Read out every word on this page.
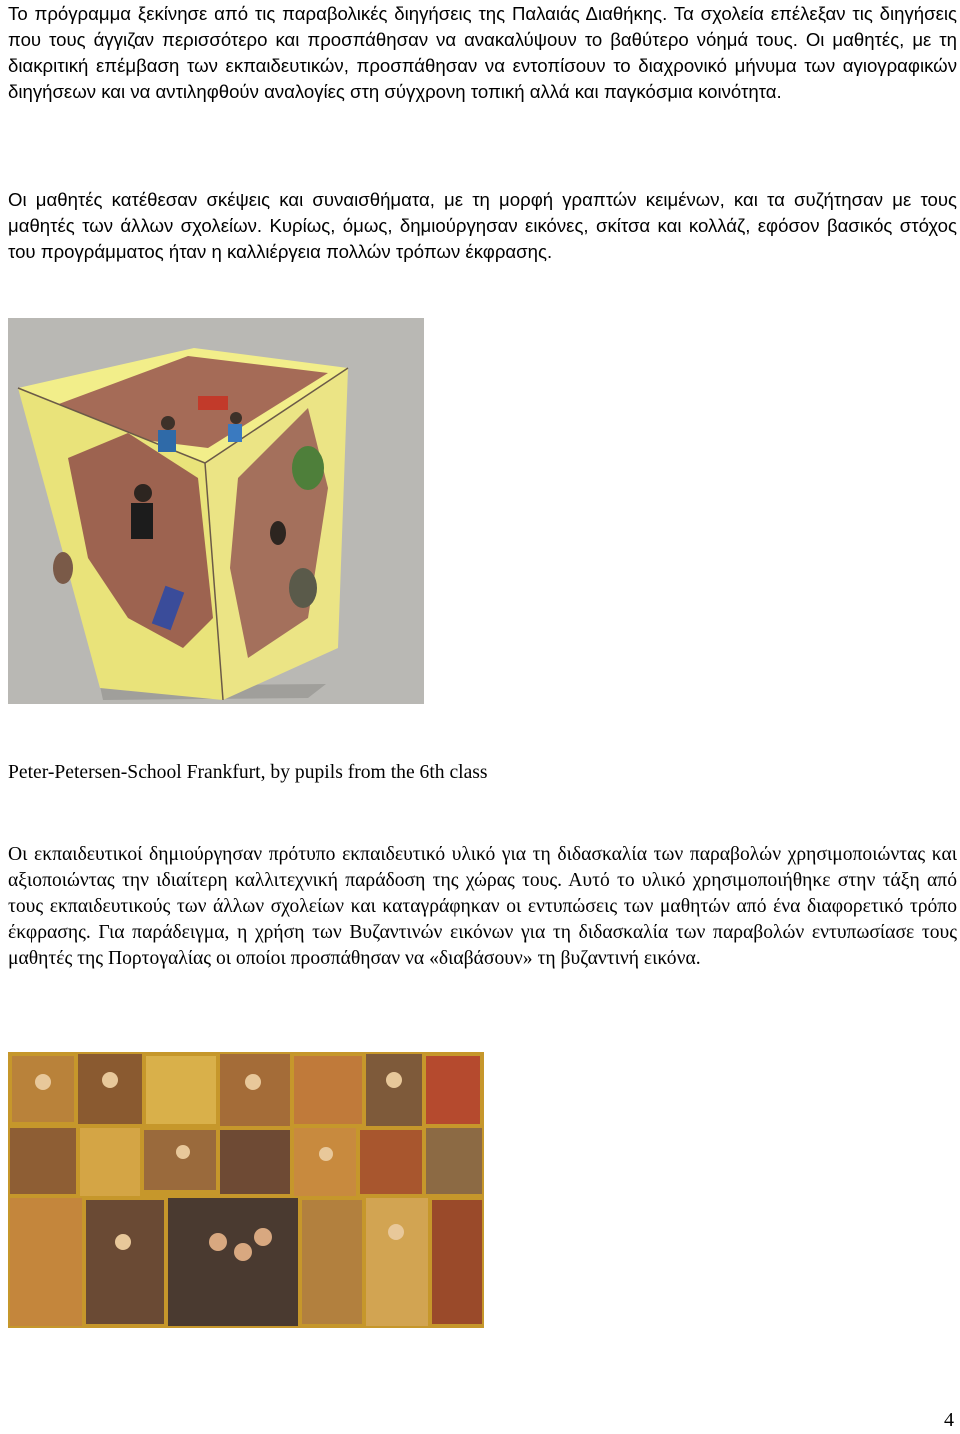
Το πρόγραμμα ξεκίνησε από τις παραβολικές διηγήσεις της Παλαιάς Διαθήκης. Τα σχολεία επέλεξαν τις διηγήσεις που τους άγγιζαν περισσότερο και προσπάθησαν να ανακαλύψουν το βαθύτερο νόημά τους. Οι μαθητές, με τη διακριτική επέμβαση των εκπαιδευτικών, προσπάθησαν να εντοπίσουν το διαχρονικό μήνυμα των αγιογραφικών διηγήσεων και να αντιληφθούν αναλογίες στη σύγχρονη τοπική αλλά και παγκόσμια κοινότητα.

Οι μαθητές κατέθεσαν σκέψεις και συναισθήματα, με τη μορφή γραπτών κειμένων, και τα συζήτησαν με τους μαθητές των άλλων σχολείων. Κυρίως, όμως, δημιούργησαν εικόνες, σκίτσα και κολλάζ, εφόσον βασικός στόχος του προγράμματος ήταν η καλλιέργεια πολλών τρόπων έκφρασης.

Peter-Petersen-School Frankfurt, by pupils from the 6th class

Οι εκπαιδευτικοί δημιούργησαν πρότυπο εκπαιδευτικό υλικό για τη διδασκαλία των παραβολών χρησιμοποιώντας και αξιοποιώντας την ιδιαίτερη καλλιτεχνική παράδοση της χώρας τους. Αυτό το υλικό χρησιμοποιήθηκε στην τάξη από τους εκπαιδευτικούς των άλλων σχολείων και καταγράφηκαν οι εντυπώσεις των μαθητών από ένα διαφορετικό τρόπο έκφρασης. Για παράδειγμα, η χρήση των Βυζαντινών εικόνων για τη διδασκαλία των παραβολών εντυπωσίασε τους μαθητές της Πορτογαλίας οι οποίοι προσπάθησαν να «διαβάσουν» τη βυζαντινή εικόνα.

4
